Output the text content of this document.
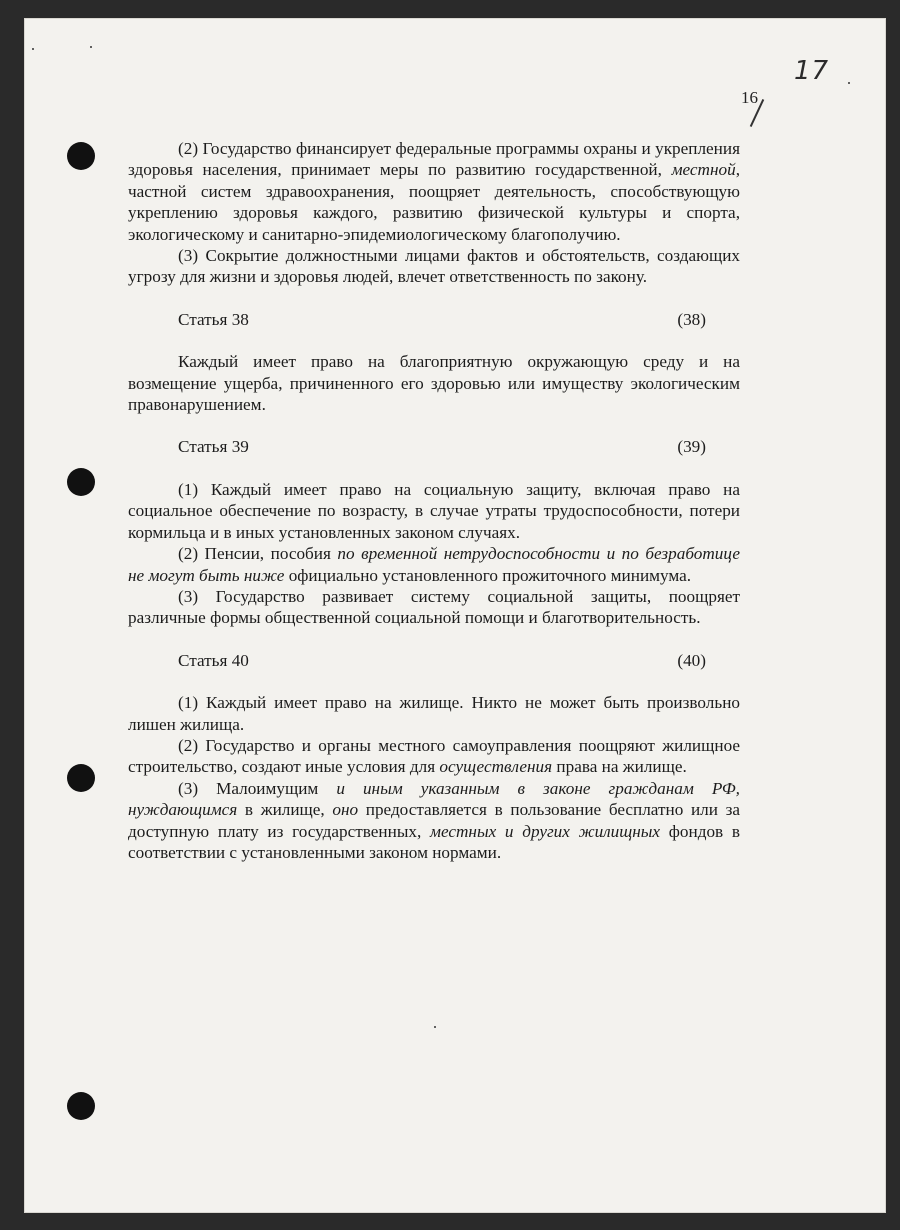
16
17

(2) Государство финансирует федеральные программы охраны и укрепления здоровья населения, принимает меры по развитию государственной, местной, частной систем здравоохранения, поощряет деятельность, способствующую укреплению здоровья каждого, развитию физической культуры и спорта, экологическому и санитарно-эпидемиологическому благополучию.

(3) Сокрытие должностными лицами фактов и обстоятельств, создающих угрозу для жизни и здоровья людей, влечет ответственность по закону.

Статья 38	(38)

Каждый имеет право на благоприятную окружающую среду и на возмещение ущерба, причиненного его здоровью или имуществу экологическим правонарушением.

Статья 39	(39)

(1) Каждый имеет право на социальную защиту, включая право на социальное обеспечение по возрасту, в случае утраты трудоспособности, потери кормильца и в иных установленных законом случаях.

(2) Пенсии, пособия по временной нетрудоспособности и по безработице не могут быть ниже официально установленного прожиточного минимума.

(3) Государство развивает систему социальной защиты, поощряет различные формы общественной социальной помощи и благотворительность.

Статья 40	(40)

(1) Каждый имеет право на жилище. Никто не может быть произвольно лишен жилища.

(2) Государство и органы местного самоуправления поощряют жилищное строительство, создают иные условия для осуществления права на жилище.

(3) Малоимущим и иным указанным в законе гражданам РФ, нуждающимся в жилище, оно предоставляется в пользование бесплатно или за доступную плату из государственных, местных и других жилищных фондов в соответствии с установленными законом нормами.
